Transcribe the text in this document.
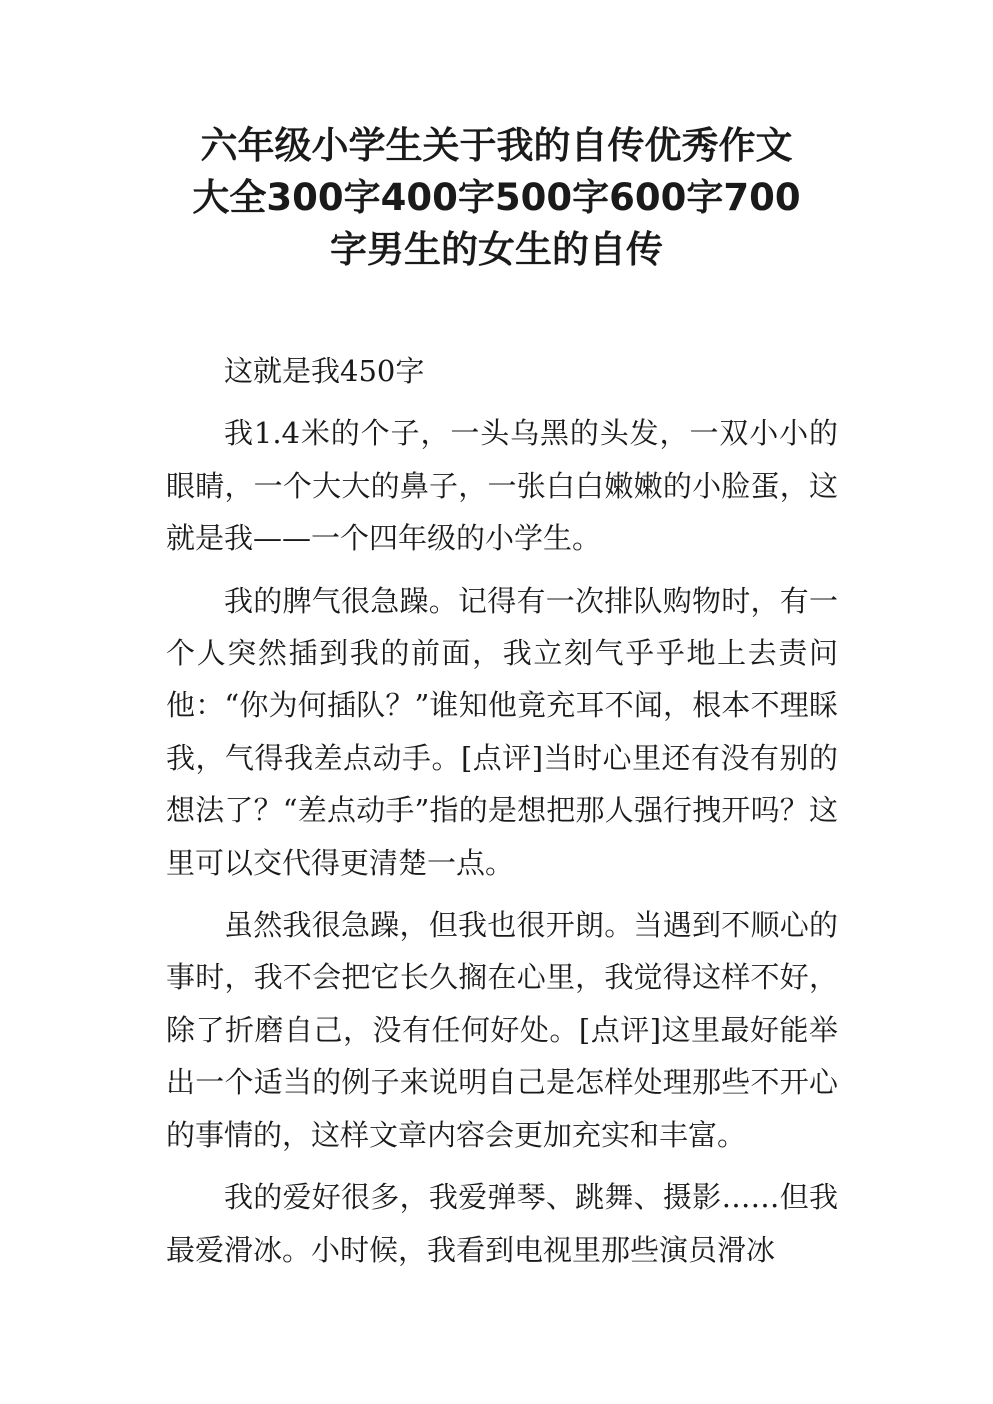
六年级小学生关于我的自传优秀作文
大全300字400字500字600字700
字男生的女生的自传

这就是我450字

我1.4米的个子，一头乌黑的头发，一双小小的眼睛，一个大大的鼻子，一张白白嫩嫩的小脸蛋，这就是我——一个四年级的小学生。

我的脾气很急躁。记得有一次排队购物时，有一个人突然插到我的前面，我立刻气乎乎地上去责问他：“你为何插队？”谁知他竟充耳不闻，根本不理睬我，气得我差点动手。[点评]当时心里还有没有别的想法了？“差点动手”指的是想把那人强行拽开吗？这里可以交代得更清楚一点。

虽然我很急躁，但我也很开朗。当遇到不顺心的事时，我不会把它长久搁在心里，我觉得这样不好，除了折磨自己，没有任何好处。[点评]这里最好能举出一个适当的例子来说明自己是怎样处理那些不开心的事情的，这样文章内容会更加充实和丰富。

我的爱好很多，我爱弹琴、跳舞、摄影……但我最爱滑冰。小时候，我看到电视里那些演员滑冰
